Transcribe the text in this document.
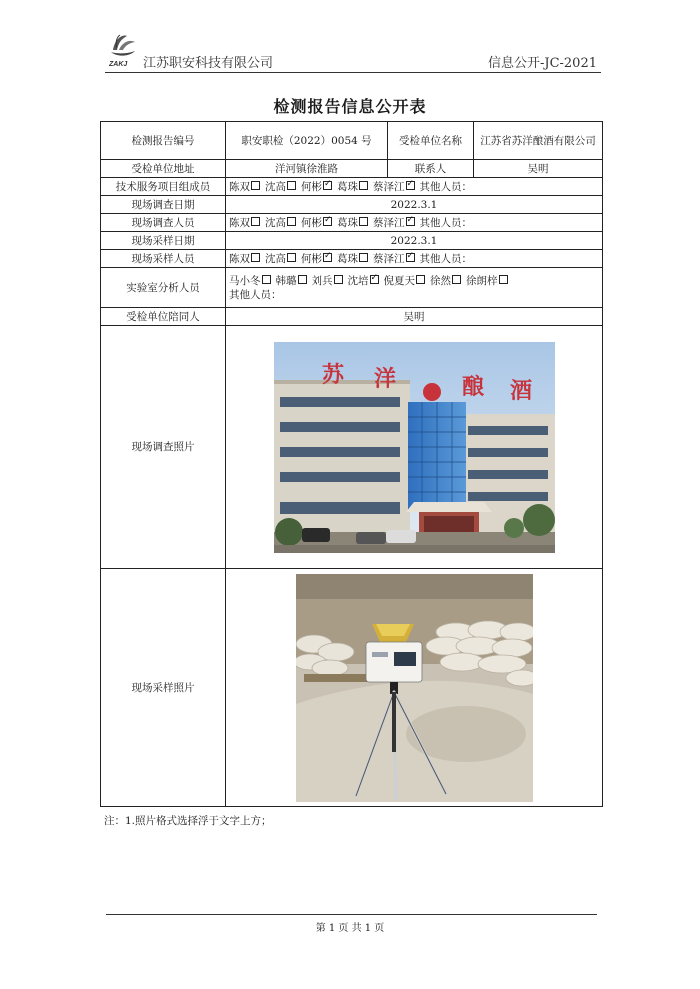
ZAKJ 江苏职安科技有限公司	信息公开-JC-2021
检测报告信息公开表
检测报告编号	职安职检（2022）0054 号	受检单位名称	江苏省苏洋酿酒有限公司
受检单位地址	洋河镇徐淮路	联系人	吴明
技术服务项目组成员	陈双 沈高 何彬 ✓ 葛珠 蔡泽江 ✓ 其他人员：
现场调查日期	2022.3.1		
现场调查人员	陈双 沈高 何彬 ✓ 葛珠 蔡泽江 ✓ 其他人员：
现场采样日期	2022.3.1		
现场采样人员	陈双 沈高 何彬 ✓ 葛珠 蔡泽江 ✓ 其他人员：
实验室分析人员	马小冬 韩璐 刘兵 沈培 ✓ 倪夏天 徐然 徐朗梓
其他人员：

受检单位陪同人	吴明		
现场调查照片	苏 洋 酿 酒		

现场采样照片	
注：1.照片格式选择浮于文字上方；
第 1 页 共 1 页
